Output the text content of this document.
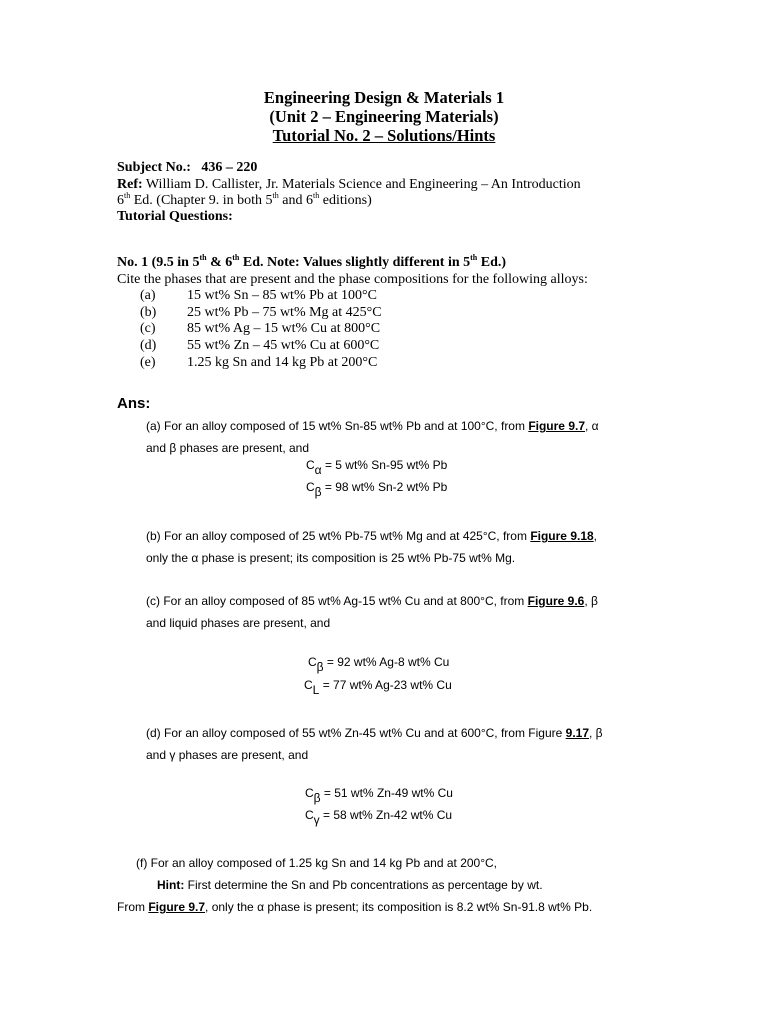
Engineering Design & Materials 1
(Unit 2 – Engineering Materials)
Tutorial No. 2 – Solutions/Hints
Subject No.: 436 – 220
Ref: William D. Callister, Jr. Materials Science and Engineering – An Introduction
6th Ed. (Chapter 9. in both 5th and 6th editions)
Tutorial Questions:
No. 1 (9.5 in 5th & 6th Ed. Note: Values slightly different in 5th Ed.)
Cite the phases that are present and the phase compositions for the following alloys:
(a) 15 wt% Sn – 85 wt% Pb at 100°C
(b) 25 wt% Pb – 75 wt% Mg at 425°C
(c) 85 wt% Ag – 15 wt% Cu at 800°C
(d) 55 wt% Zn – 45 wt% Cu at 600°C
(e) 1.25 kg Sn and 14 kg Pb at 200°C
Ans:
(a) For an alloy composed of 15 wt% Sn-85 wt% Pb and at 100°C, from Figure 9.7, α
and β phases are present, and
$C_\alpha = 5$ wt% Sn-95 wt% Pb
$C_\beta = 98$ wt% Sn-2 wt% Pb
(b) For an alloy composed of 25 wt% Pb-75 wt% Mg and at 425°C, from Figure 9.18,
only the α phase is present; its composition is 25 wt% Pb-75 wt% Mg.
(c) For an alloy composed of 85 wt% Ag-15 wt% Cu and at 800°C, from Figure 9.6, β
and liquid phases are present, and
$C_\beta = 92$ wt% Ag-8 wt% Cu
$C_L = 77$ wt% Ag-23 wt% Cu
(d) For an alloy composed of 55 wt% Zn-45 wt% Cu and at 600°C, from Figure 9.17, β
and γ phases are present, and
$C_\beta = 51$ wt% Zn-49 wt% Cu
$C_\gamma = 58$ wt% Zn-42 wt% Cu
(f) For an alloy composed of 1.25 kg Sn and 14 kg Pb and at 200°C,
Hint: First determine the Sn and Pb concentrations as percentage by wt.
From Figure 9.7, only the α phase is present; its composition is 8.2 wt% Sn-91.8 wt% Pb.
